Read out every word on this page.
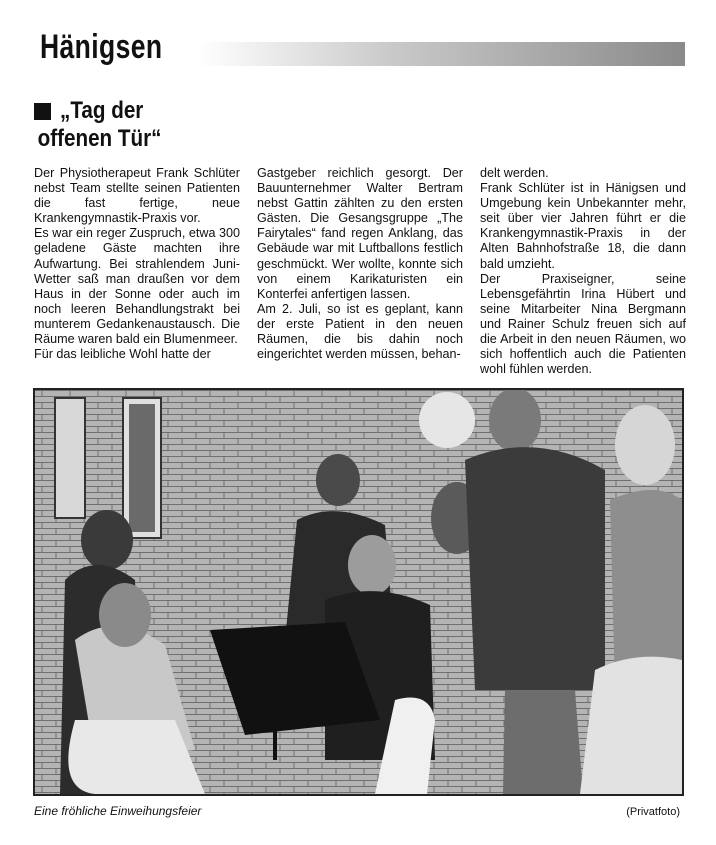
Hänigsen
„Tag der
offenen Tür“

Der Physiotherapeut Frank Schlüter nebst Team stellte seinen Patienten die fast fertige, neue Krankengymnastik-Praxis vor.

Es war ein reger Zuspruch, etwa 300 geladene Gäste machten ihre Aufwartung. Bei strahlendem Juni-Wetter saß man draußen vor dem Haus in der Sonne oder auch im noch leeren Behandlungstrakt bei munterem Gedankenaustausch. Die Räume waren bald ein Blumenmeer.

Für das leibliche Wohl hatte der

Gastgeber reichlich gesorgt. Der Bauunternehmer Walter Bertram nebst Gattin zählten zu den ersten Gästen. Die Gesangsgruppe „The Fairytales“ fand regen Anklang, das Gebäude war mit Luftballons festlich geschmückt. Wer wollte, konnte sich von einem Karikaturisten ein Konterfei anfertigen lassen.

Am 2. Juli, so ist es geplant, kann der erste Patient in den neuen Räumen, die bis dahin noch eingerichtet werden müssen, behan-

delt werden.

Frank Schlüter ist in Hänigsen und Umgebung kein Unbekannter mehr, seit über vier Jahren führt er die Krankengymnastik-Praxis in der Alten Bahnhofstraße 18, die dann bald umzieht.

Der Praxiseigner, seine Lebensgefährtin Irina Hübert und seine Mitarbeiter Nina Bergmann und Rainer Schulz freuen sich auf die Arbeit in den neuen Räumen, wo sich hoffentlich auch die Patienten wohl fühlen werden.

Eine fröhliche Einweihungsfeier	(Privatfoto)
